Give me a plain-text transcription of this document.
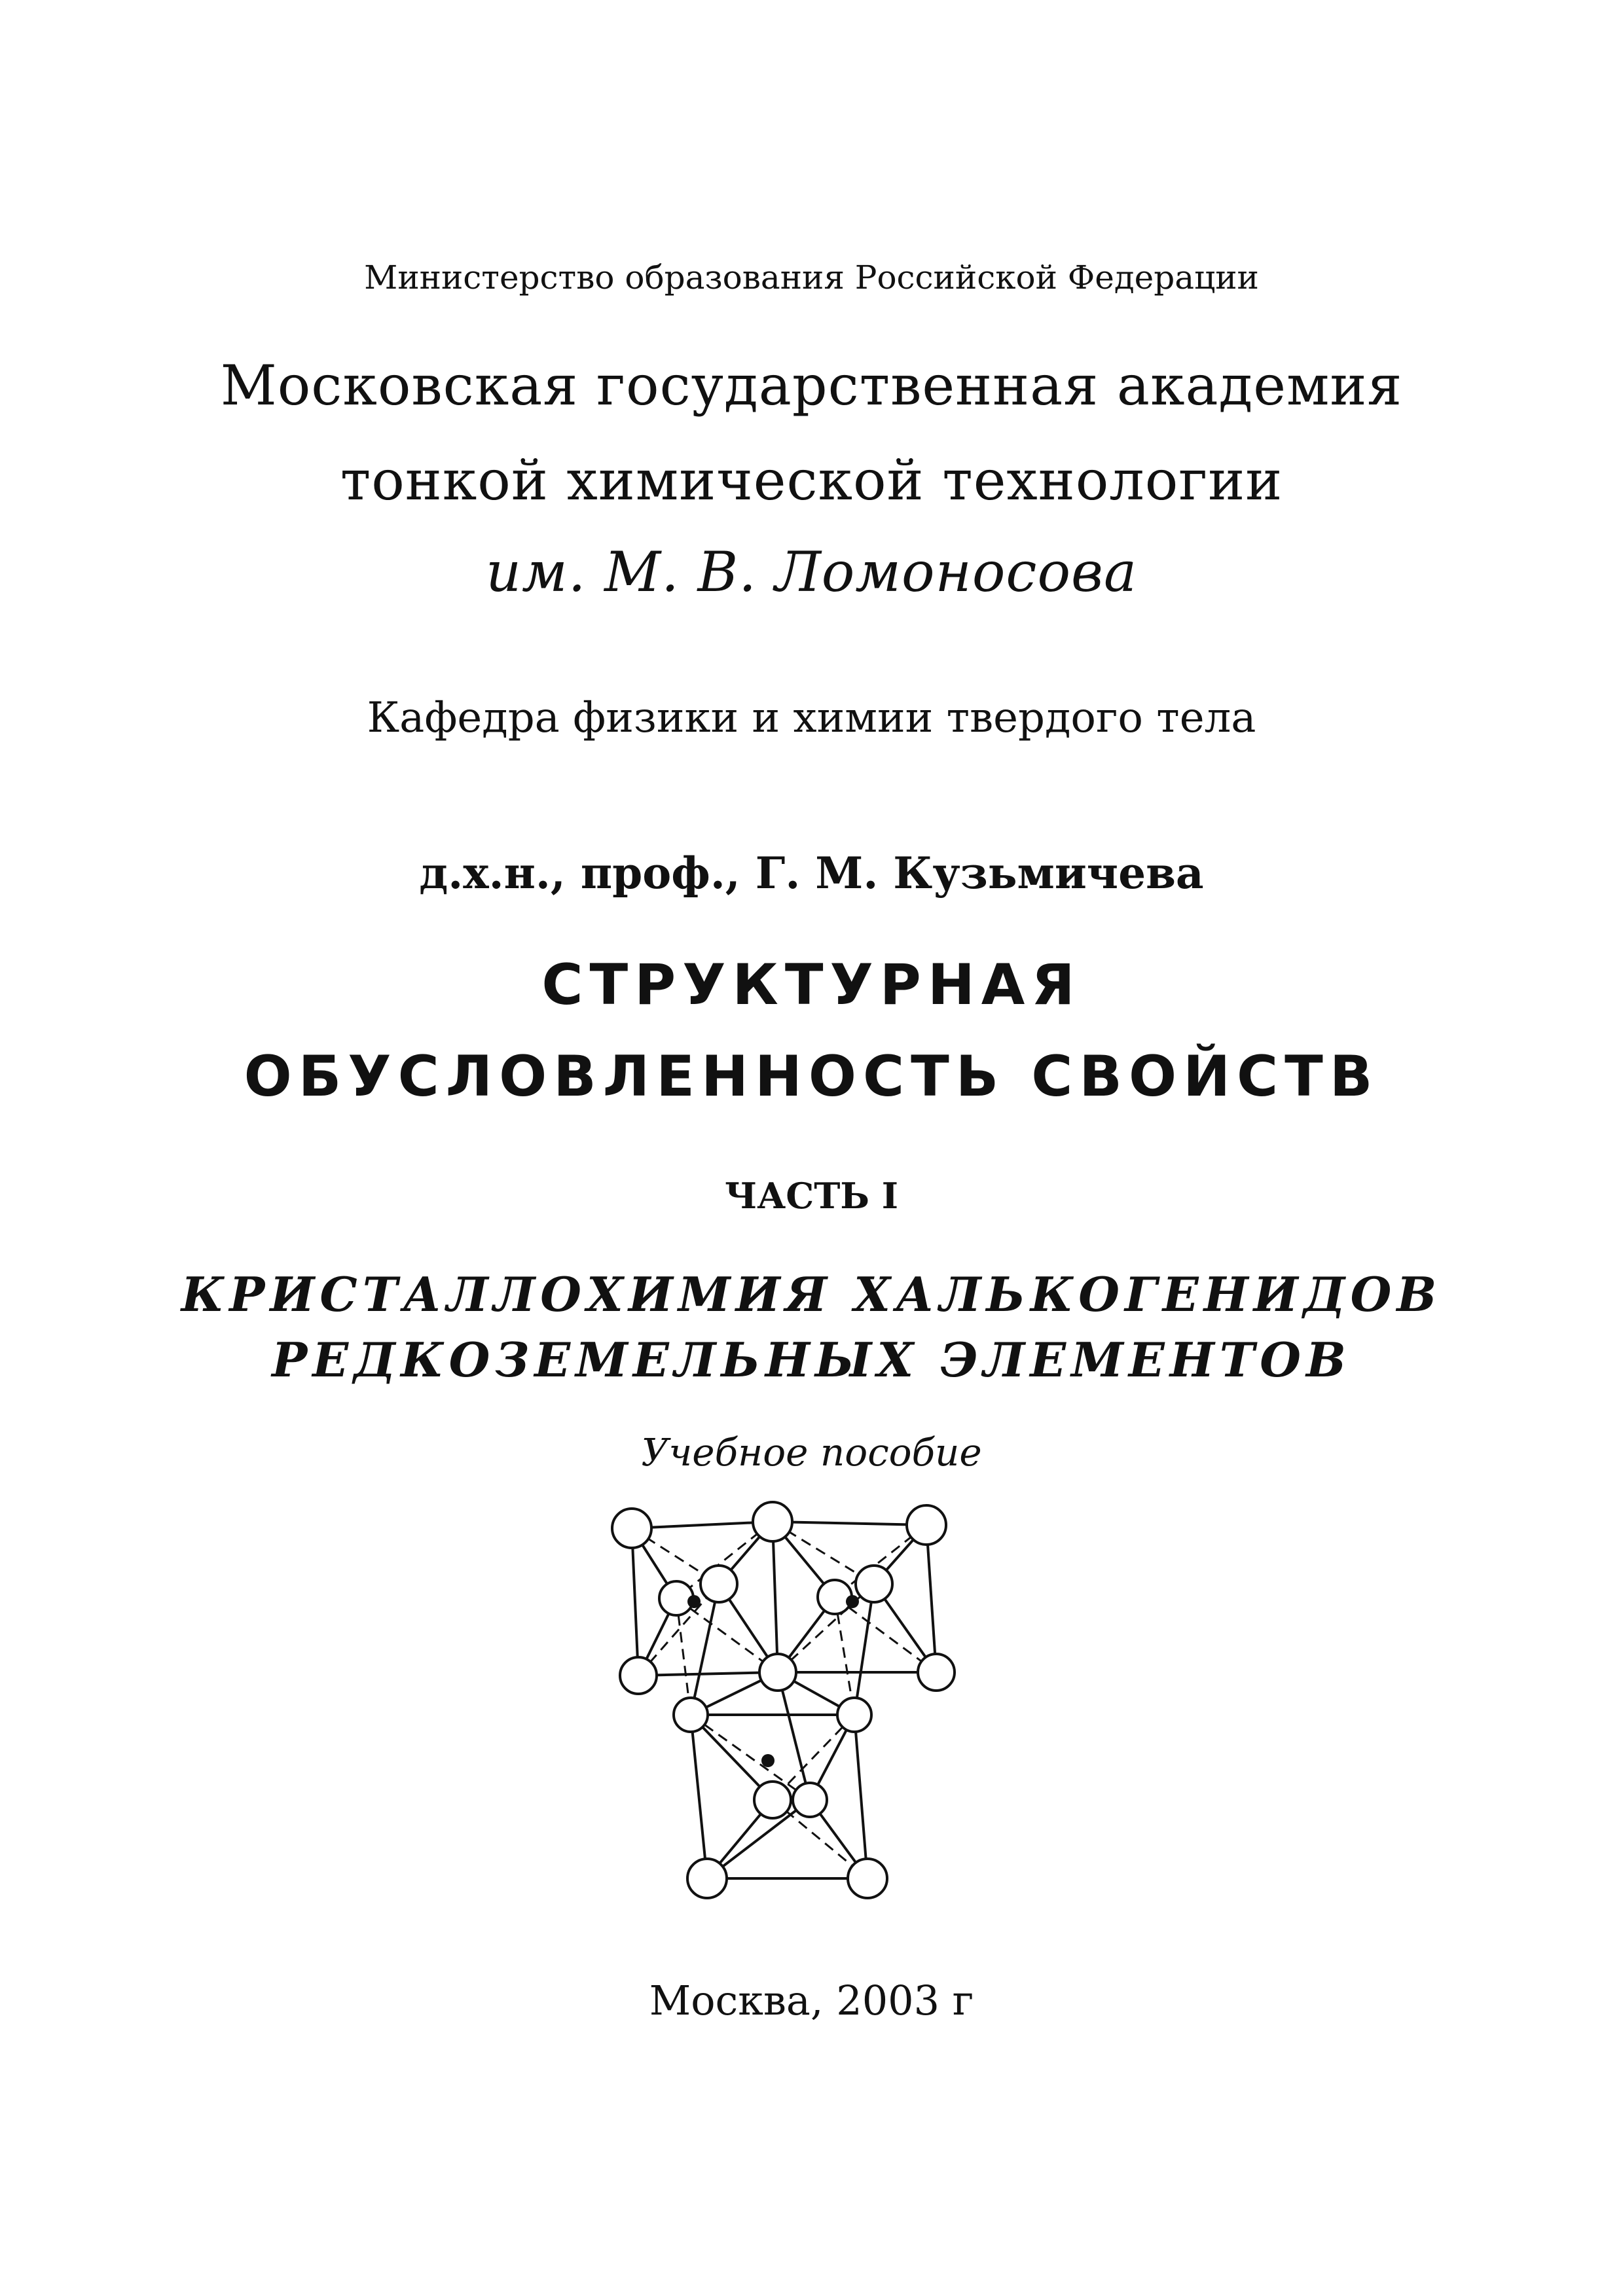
Министерство образования Российской Федерации
Московская государственная академия
тонкой химической технологии
им. М. В. Ломоносова
Кафедра физики и химии твердого тела
д.х.н., проф., Г. М. Кузьмичева
СТРУКТУРНАЯ
ОБУСЛОВЛЕННОСТЬ СВОЙСТВ
ЧАСТЬ I
КРИСТАЛЛОХИМИЯ ХАЛЬКОГЕНИДОВ
РЕДКОЗЕМЕЛЬНЫХ ЭЛЕМЕНТОВ
Учебное пособие
Москва, 2003 г
